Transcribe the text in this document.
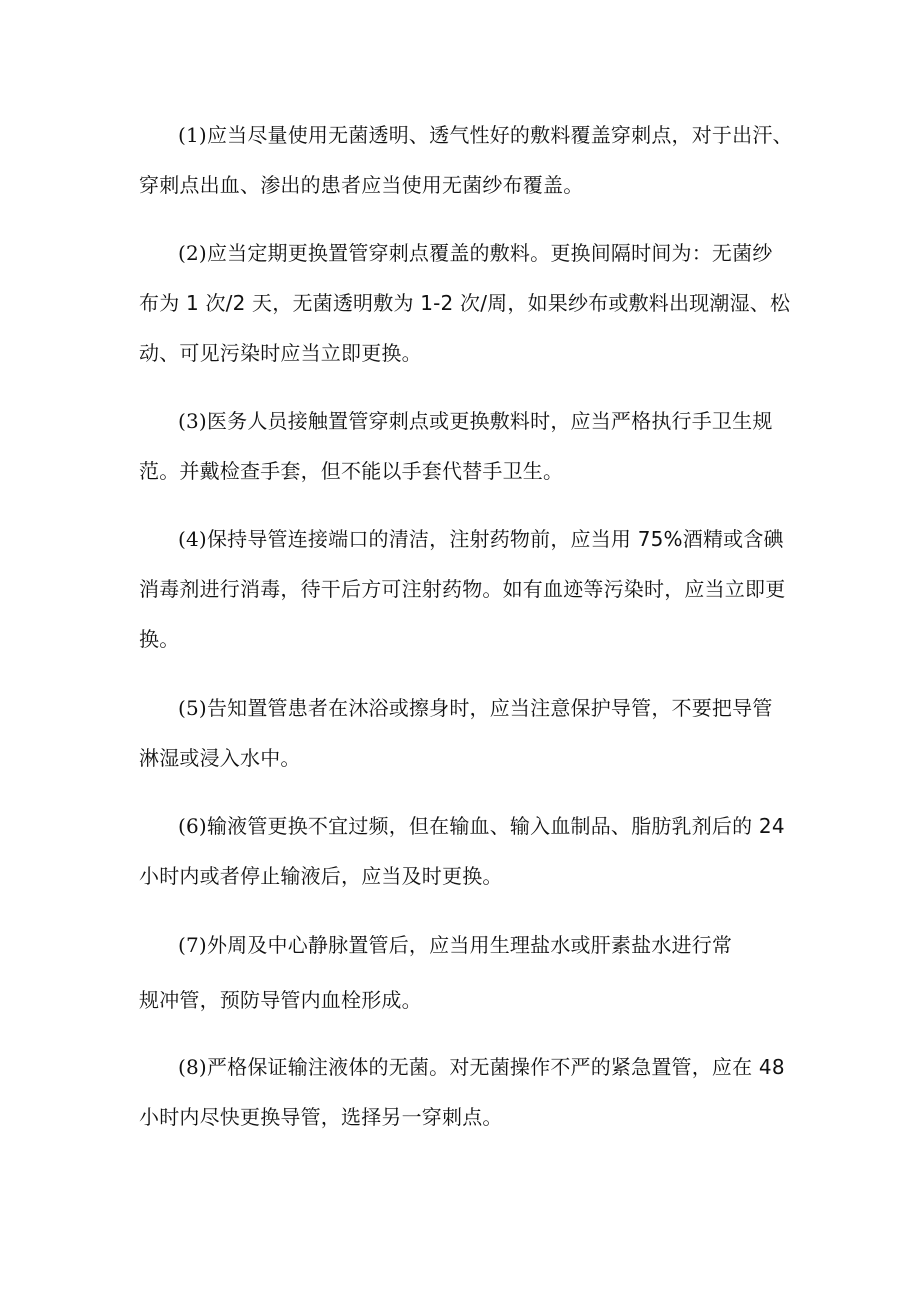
(1)应当尽量使用无菌透明、透气性好的敷料覆盖穿刺点，对于出汗、
穿刺点出血、渗出的患者应当使用无菌纱布覆盖。
(2)应当定期更换置管穿刺点覆盖的敷料。更换间隔时间为：无菌纱
布为 1 次/2 天，无菌透明敷为 1-2 次/周，如果纱布或敷料出现潮湿、松
动、可见污染时应当立即更换。
(3)医务人员接触置管穿刺点或更换敷料时，应当严格执行手卫生规
范。并戴检查手套，但不能以手套代替手卫生。
(4)保持导管连接端口的清洁，注射药物前，应当用 75%酒精或含碘
消毒剂进行消毒，待干后方可注射药物。如有血迹等污染时，应当立即更
换。
(5)告知置管患者在沐浴或擦身时，应当注意保护导管，不要把导管
淋湿或浸入水中。
(6)输液管更换不宜过频，但在输血、输入血制品、脂肪乳剂后的 24
小时内或者停止输液后，应当及时更换。
(7)外周及中心静脉置管后，应当用生理盐水或肝素盐水进行常
规冲管，预防导管内血栓形成。
(8)严格保证输注液体的无菌。对无菌操作不严的紧急置管，应在 48
小时内尽快更换导管，选择另一穿刺点。
